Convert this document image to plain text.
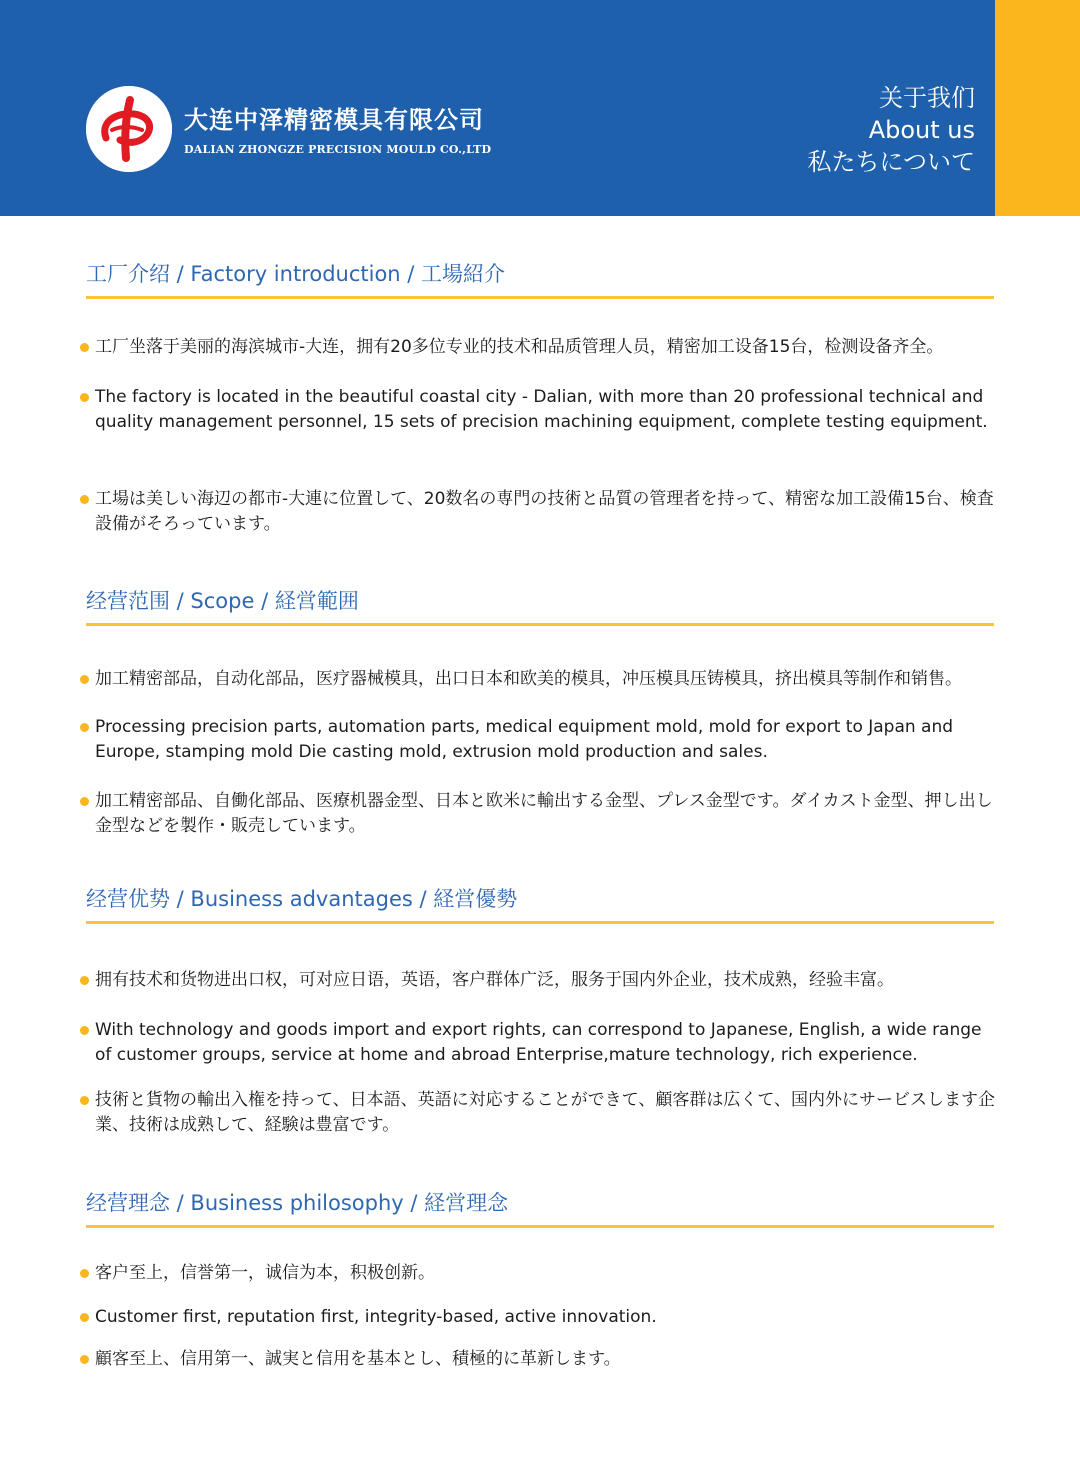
大连中泽精密模具有限公司
DALIAN ZHONGZE PRECISION MOULD CO.,LTD
关于我们
About us
私たちについて
工厂介绍 / Factory introduction / 工場紹介
工厂坐落于美丽的海滨城市-大连，拥有20多位专业的技术和品质管理人员，精密加工设备15台，检测设备齐全。
The factory is located in the beautiful coastal city - Dalian, with more than 20 professional technical and quality management personnel, 15 sets of precision machining equipment, complete testing equipment.
工場は美しい海辺の都市-大連に位置して、20数名の専門の技術と品質の管理者を持って、精密な加工設備15台、検査設備がそろっています。
经营范围 / Scope / 経営範囲
加工精密部品，自动化部品，医疗器械模具，出口日本和欧美的模具，冲压模具压铸模具，挤出模具等制作和销售。
Processing precision parts, automation parts, medical equipment mold, mold for export to Japan and Europe, stamping mold Die casting mold, extrusion mold production and sales.
加工精密部品、自働化部品、医療机器金型、日本と欧米に輸出する金型、プレス金型です。ダイカスト金型、押し出し金型などを製作・販売しています。
经营优势 / Business advantages / 経営優勢
拥有技术和货物进出口权，可对应日语，英语，客户群体广泛，服务于国内外企业，技术成熟，经验丰富。
With technology and goods import and export rights, can correspond to Japanese, English, a wide range of customer groups, service at home and abroad Enterprise,mature technology, rich experience.
技術と貨物の輸出入権を持って、日本語、英語に対応することができて、顧客群は広くて、国内外にサービスします企業、技術は成熟して、経験は豊富です。
经营理念 / Business philosophy / 経営理念
客户至上，信誉第一，诚信为本，积极创新。
Customer first, reputation first, integrity-based, active innovation.
顧客至上、信用第一、誠実と信用を基本とし、積極的に革新します。
